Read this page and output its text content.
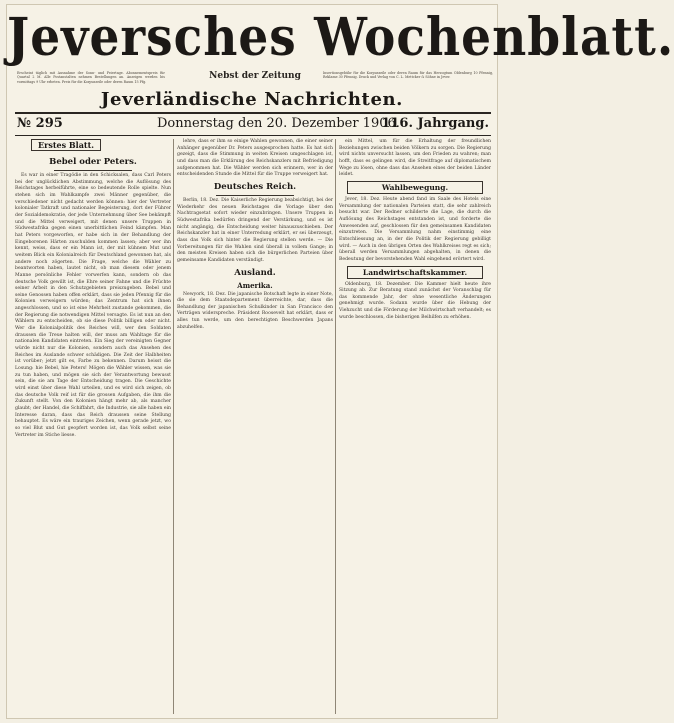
Jeversches Wochenblatt.
Erscheint täglich mit Ausnahme der Sonn- und Feiertage. Abonnementspreis für Quartal 2 M. Alle Postanstalten nehmen Bestellungen an. Anzeigen werden bis vormittags 9 Uhr erbeten. Preis für die Korpuszeile oder deren Raum 15 Pfg.
Nebst der Zeitung	Insertionsgebühr für die Korpuszeile oder deren Raum für das Herzogtum Oldenburg 10 Pfennig, Reklame 30 Pfennig. Druck und Verlag von C. L. Mettcker & Söhne in Jever.
Jeverländische Nachrichten.
№ 295	Donnerstag den 20. Dezember 1906.
116. Jahrgang.
Erstes Blatt.
Bebel oder Peters.

Es war in einer Tragödie in den Schicksalen, dass Carl Peters bei der unglücklichen Abstimmung, welche die Auflösung des Reichstages herbeiführte, eine so bedeutende Rolle spielte. Nun stehen sich im Wahlkampfe zwei Männer gegenüber, die verschiedener nicht gedacht werden können: hier der Vertreter kolonialer Tatkraft und nationaler Begeisterung, dort der Führer der Sozialdemokratie, der jede Unternehmung über See bekämpft und die Mittel verweigert, mit denen unsere Truppen in Südwestafrika gegen einen unerbittlichen Feind kämpfen. Man hat Peters vorgeworfen, er habe sich in der Behandlung der Eingeborenen Härten zuschulden kommen lassen; aber wer ihn kennt, weiss, dass er ein Mann ist, der mit kühnem Mut und weitem Blick ein Kolonialreich für Deutschland gewonnen hat, als andere noch zögerten. Die Frage, welche die Wähler zu beantworten haben, lautet nicht, ob man diesem oder jenem Manne persönliche Fehler vorwerfen kann, sondern ob das deutsche Volk gewillt ist, die Ehre seiner Fahne und die Früchte seiner Arbeit in den Schutzgebieten preiszugeben. Bebel und seine Genossen haben offen erklärt, dass sie jeden Pfennig für die Kolonien verweigern würden; das Zentrum hat sich ihnen angeschlossen, und so ist eine Mehrheit zustande gekommen, die der Regierung die notwendigen Mittel versagte. Es ist nun an den Wählern zu entscheiden, ob sie diese Politik billigen oder nicht. Wer die Kolonialpolitik des Reiches will, wer den Soldaten draussen die Treue halten will, der muss am Wahltage für die nationalen Kandidaten eintreten. Ein Sieg der vereinigten Gegner würde nicht nur die Kolonien, sondern auch das Ansehen des Reiches im Auslande schwer schädigen. Die Zeit der Halbheiten ist vorüber; jetzt gilt es, Farbe zu bekennen. Darum heisst die Losung: hie Bebel, hie Peters! Mögen die Wähler wissen, was sie zu tun haben, und mögen sie sich der Verantwortung bewusst sein, die sie am Tage der Entscheidung tragen. Die Geschichte wird einst über diese Wahl urteilen, und es wird sich zeigen, ob das deutsche Volk reif ist für die grossen Aufgaben, die ihm die Zukunft stellt. Von den Kolonien hängt mehr ab, als mancher glaubt; der Handel, die Schiffahrt, die Industrie, sie alle haben ein Interesse daran, dass das Reich draussen seine Stellung behauptet. Es wäre ein trauriges Zeichen, wenn gerade jetzt, wo so viel Blut und Gut geopfert worden ist, das Volk selbst seine Vertreter im Stiche liesse.

lehre, dass er ihm so einige Wahlen gewonnen, die einer seiner Anhänger gegenüber Dr. Peters ausgesprochen hatte. Es hat sich gezeigt, dass die Stimmung in weiten Kreisen umgeschlagen ist, und dass man die Erklärung des Reichskanzlers mit Befriedigung aufgenommen hat. Die Wähler werden sich erinnern, wer in der entscheidenden Stunde die Mittel für die Truppe verweigert hat.

Deutsches Reich.

Berlin, 18. Dez. Die Kaiserliche Regierung beabsichtigt, bei der Wiederkehr des neuen Reichstages die Vorlage über den Nachtragsetat sofort wieder einzubringen. Unsere Truppen in Südwestafrika bedürfen dringend der Verstärkung, und es ist nicht angängig, die Entscheidung weiter hinauszuschieben. Der Reichskanzler hat in einer Unterredung erklärt, er sei überzeugt, dass das Volk sich hinter die Regierung stellen werde. — Die Vorbereitungen für die Wahlen sind überall in vollem Gange; in den meisten Kreisen haben sich die bürgerlichen Parteien über gemeinsame Kandidaten verständigt.

Ausland.
Amerika.

Newyork, 18. Dez. Die japanische Botschaft legte in einer Note, die sie dem Staatsdepartement überreichte, dar, dass die Behandlung der japanischen Schulkinder in San Francisco den Verträgen widerspreche. Präsident Roosevelt hat erklärt, dass er alles tun werde, um den berechtigten Beschwerden Japans abzuhelfen.

ein Mittel, um für die Erhaltung der freundlichen Beziehungen zwischen beiden Völkern zu sorgen. Die Regierung wird nichts unversucht lassen, um den Frieden zu wahren; man hofft, dass es gelingen wird, die Streitfrage auf diplomatischem Wege zu lösen, ohne dass das Ansehen eines der beiden Länder leidet.

Wahlbewegung.

Jever, 18. Dez. Heute abend fand im Saale des Hotels eine Versammlung der nationalen Parteien statt, die sehr zahlreich besucht war. Der Redner schilderte die Lage, die durch die Auflösung des Reichstages entstanden ist, und forderte die Anwesenden auf, geschlossen für den gemeinsamen Kandidaten einzutreten. Die Versammlung nahm einstimmig eine Entschliessung an, in der die Politik der Regierung gebilligt wird. — Auch in den übrigen Orten des Wahlkreises regt es sich; überall werden Versammlungen abgehalten, in denen die Bedeutung der bevorstehenden Wahl eingehend erörtert wird.

Landwirtschaftskammer.

Oldenburg, 18. Dezember. Die Kammer hielt heute ihre Sitzung ab. Zur Beratung stand zunächst der Voranschlag für das kommende Jahr, der ohne wesentliche Änderungen genehmigt wurde. Sodann wurde über die Hebung der Viehzucht und die Förderung der Milchwirtschaft verhandelt; es wurde beschlossen, die bisherigen Beihilfen zu erhöhen.
